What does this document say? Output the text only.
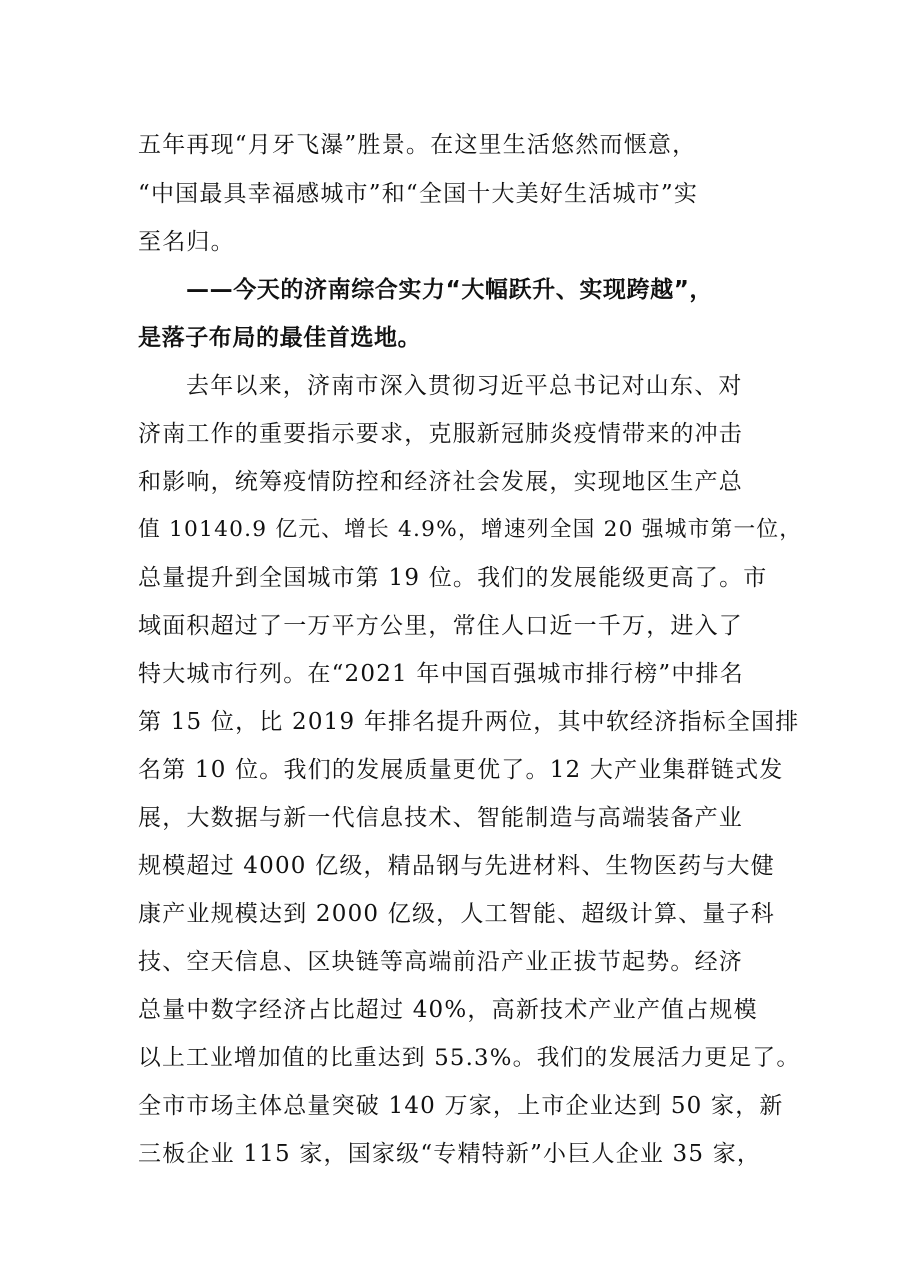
五年再现“月牙飞瀑”胜景。在这里生活悠然而惬意，
“中国最具幸福感城市”和“全国十大美好生活城市”实
至名归。
——今天的济南综合实力“大幅跃升、实现跨越”，
是落子布局的最佳首选地。
去年以来，济南市深入贯彻习近平总书记对山东、对
济南工作的重要指示要求，克服新冠肺炎疫情带来的冲击
和影响，统筹疫情防控和经济社会发展，实现地区生产总
值 10140.9 亿元、增长 4.9%，增速列全国 20 强城市第一位，
总量提升到全国城市第 19 位。我们的发展能级更高了。市
域面积超过了一万平方公里，常住人口近一千万，进入了
特大城市行列。在“2021 年中国百强城市排行榜”中排名
第 15 位，比 2019 年排名提升两位，其中软经济指标全国排
名第 10 位。我们的发展质量更优了。12 大产业集群链式发
展，大数据与新一代信息技术、智能制造与高端装备产业
规模超过 4000 亿级，精品钢与先进材料、生物医药与大健
康产业规模达到 2000 亿级，人工智能、超级计算、量子科
技、空天信息、区块链等高端前沿产业正拔节起势。经济
总量中数字经济占比超过 40%，高新技术产业产值占规模
以上工业增加值的比重达到 55.3%。我们的发展活力更足了。
全市市场主体总量突破 140 万家，上市企业达到 50 家，新
三板企业 115 家，国家级“专精特新”小巨人企业 35 家，
